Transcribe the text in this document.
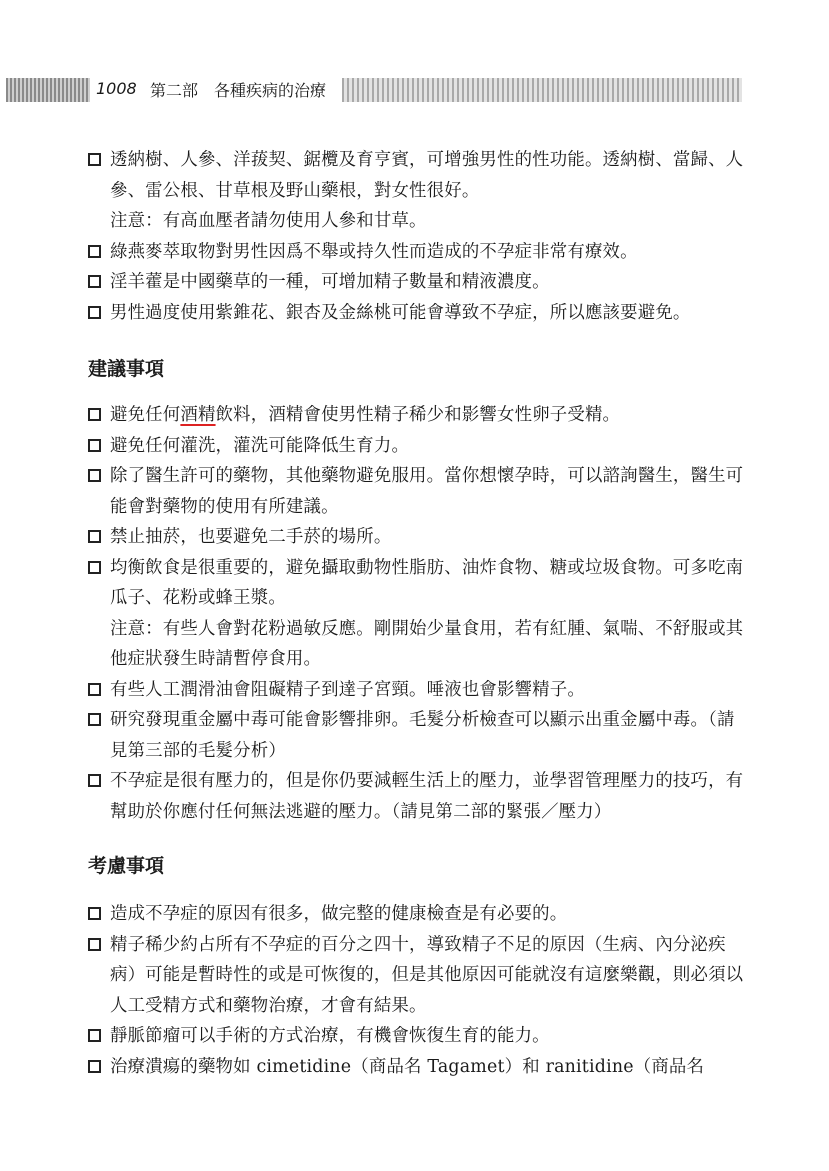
1008 第二部　各種疾病的治療
透納樹、人參、洋菝契、鋸欖及育亨賓，可增強男性的性功能。透納樹、當歸、人參、雷公根、甘草根及野山藥根，對女性很好。
注意：有高血壓者請勿使用人參和甘草。
綠燕麥萃取物對男性因爲不舉或持久性而造成的不孕症非常有療效。
淫羊藿是中國藥草的一種，可增加精子數量和精液濃度。
男性過度使用紫錐花、銀杏及金絲桃可能會導致不孕症，所以應該要避免。
建議事項
避免任何酒精飲料，酒精會使男性精子稀少和影響女性卵子受精。
避免任何灌洗，灌洗可能降低生育力。
除了醫生許可的藥物，其他藥物避免服用。當你想懷孕時，可以諮詢醫生，醫生可能會對藥物的使用有所建議。
禁止抽菸，也要避免二手菸的場所。
均衡飲食是很重要的，避免攝取動物性脂肪、油炸食物、糖或垃圾食物。可多吃南瓜子、花粉或蜂王漿。
注意：有些人會對花粉過敏反應。剛開始少量食用，若有紅腫、氣喘、不舒服或其他症狀發生時請暫停食用。
有些人工潤滑油會阻礙精子到達子宮頸。唾液也會影響精子。
研究發現重金屬中毒可能會影響排卵。毛髮分析檢查可以顯示出重金屬中毒。（請見第三部的毛髮分析）
不孕症是很有壓力的，但是你仍要減輕生活上的壓力，並學習管理壓力的技巧，有幫助於你應付任何無法逃避的壓力。（請見第二部的緊張／壓力）
考慮事項
造成不孕症的原因有很多，做完整的健康檢查是有必要的。
精子稀少約占所有不孕症的百分之四十，導致精子不足的原因（生病、內分泌疾病）可能是暫時性的或是可恢復的，但是其他原因可能就沒有這麼樂觀，則必須以人工受精方式和藥物治療，才會有結果。
靜脈節瘤可以手術的方式治療，有機會恢復生育的能力。
治療潰瘍的藥物如 cimetidine（商品名 Tagamet）和 ranitidine（商品名
